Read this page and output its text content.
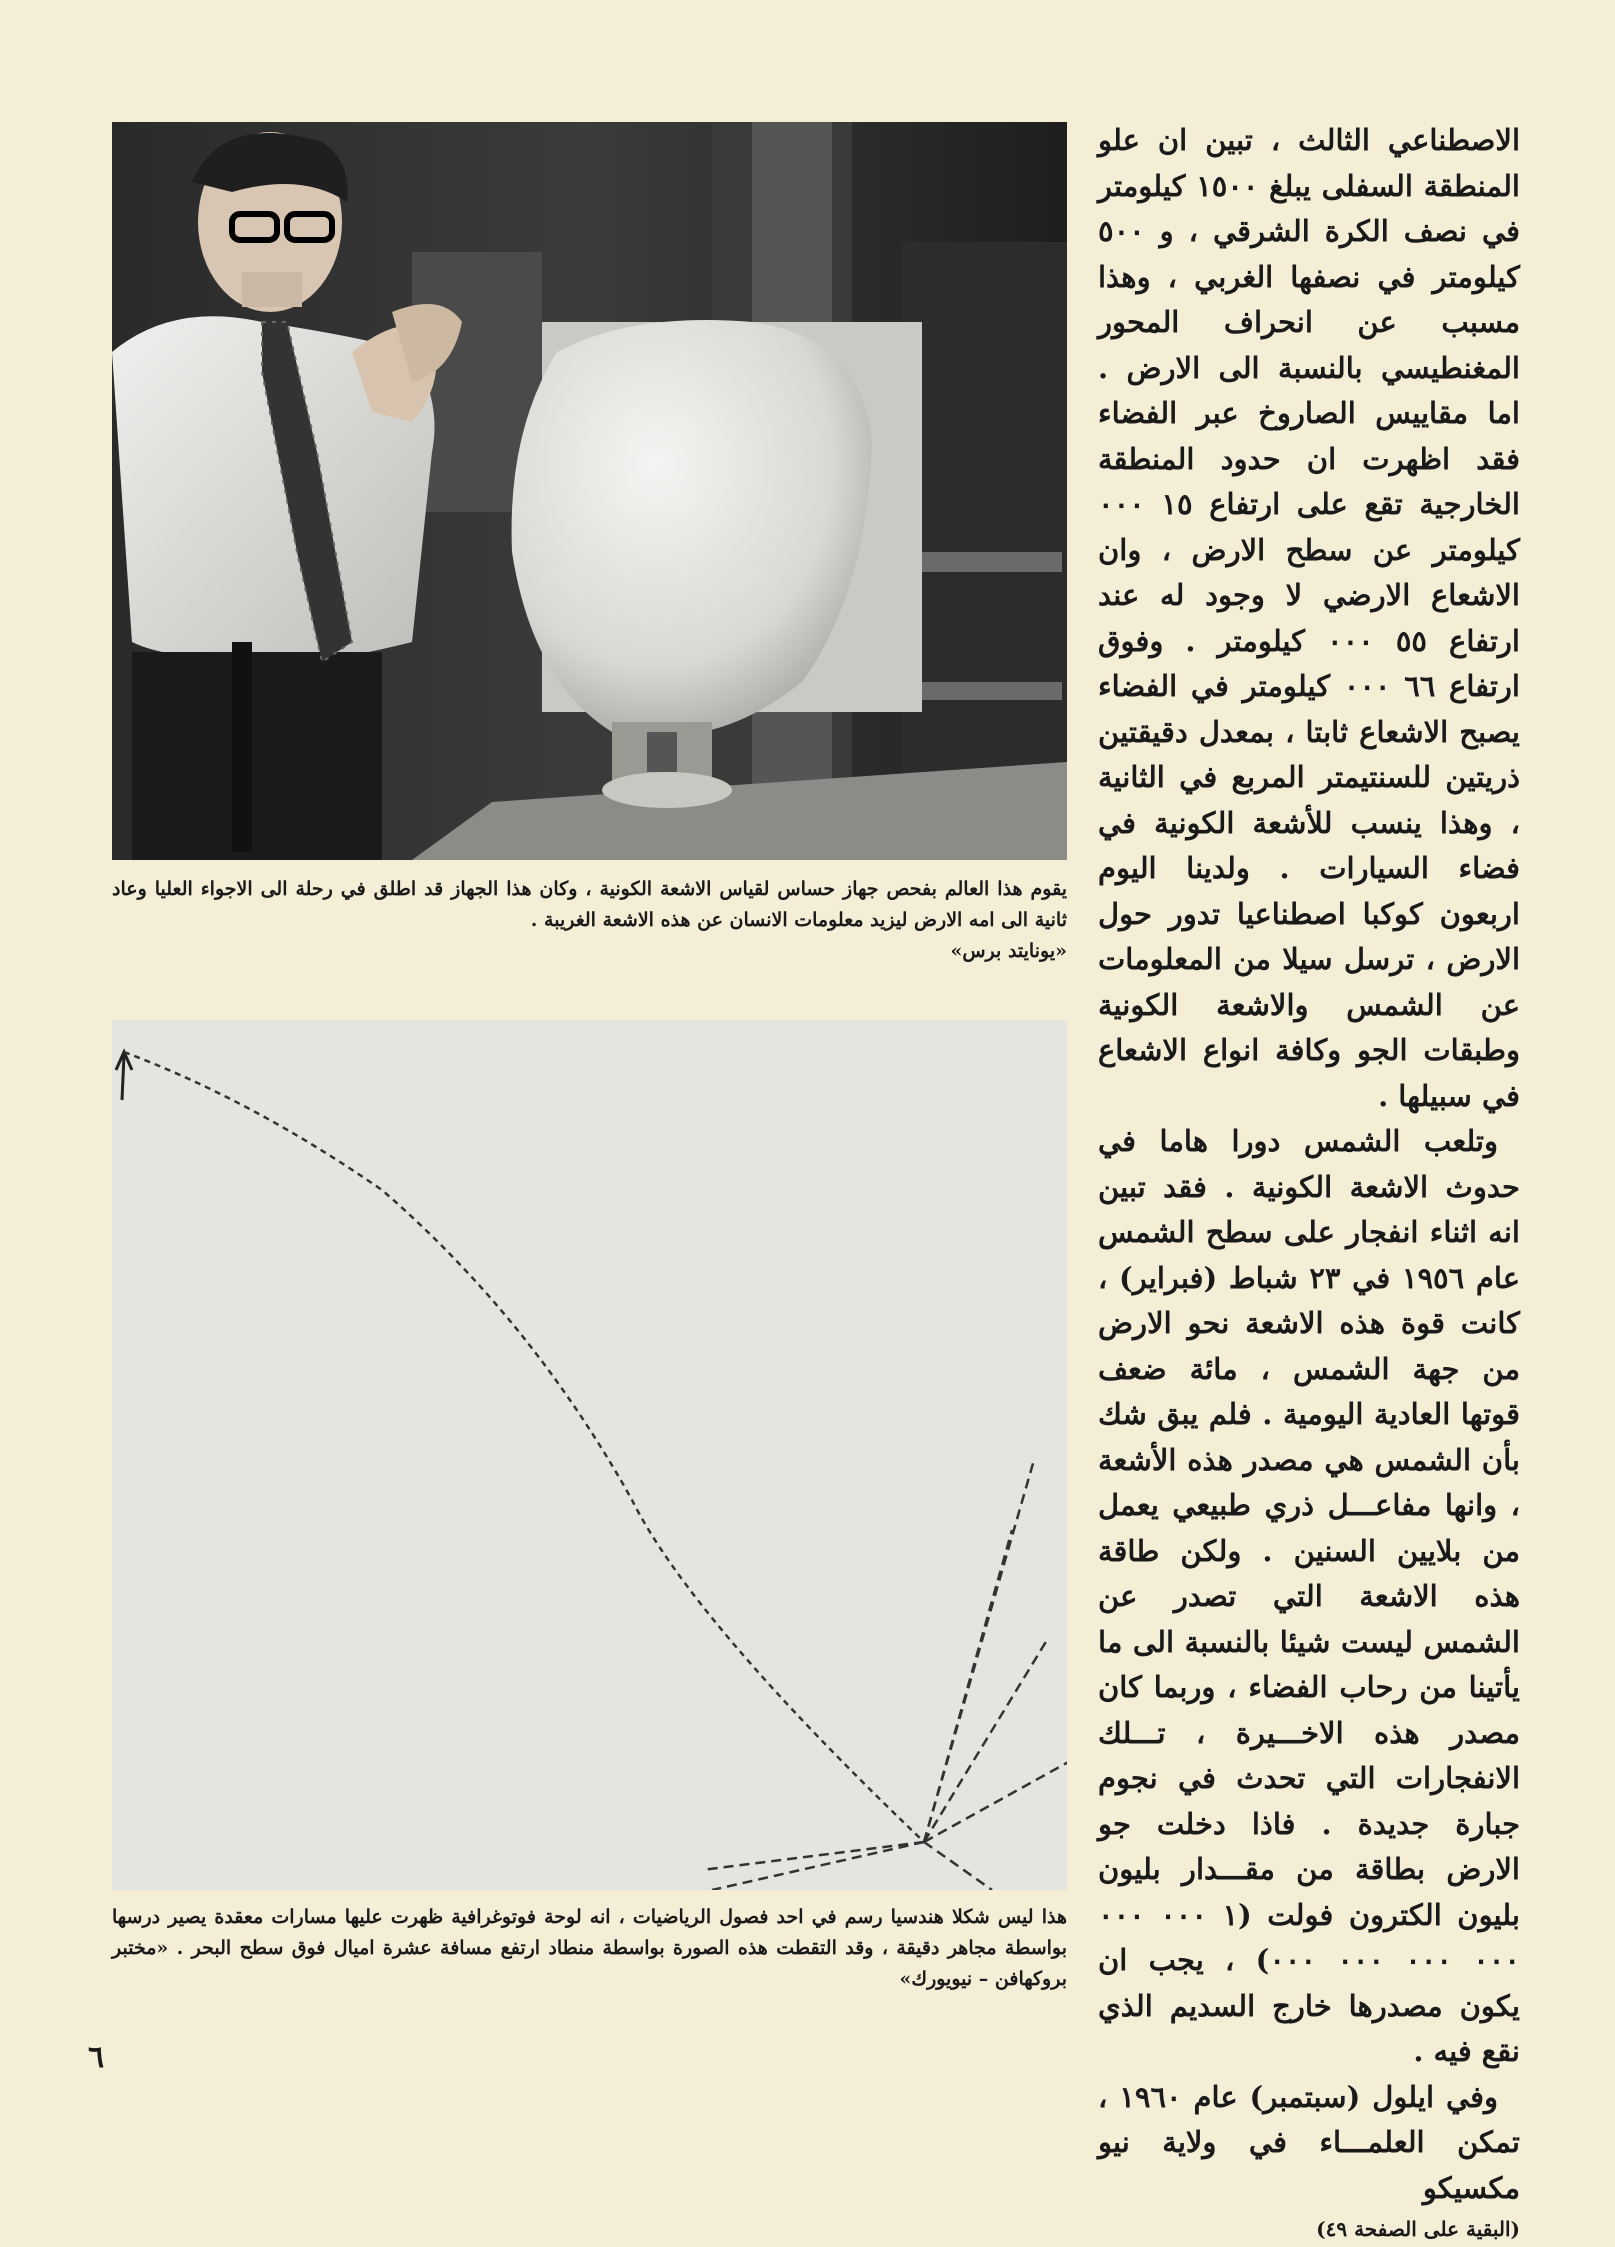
يقوم هذا العالم بفحص جهاز حساس لقياس الاشعة الكونية ، وكان هذا الجهاز قد اطلق في رحلة الى الاجواء العليا وعاد ثانية الى امه الارض ليزيد معلومات الانسان عن هذه الاشعة الغريبة .
«يونايتد برس»
هذا ليس شكلا هندسيا رسم في احد فصول الرياضيات ، انه لوحة فوتوغرافية ظهرت عليها مسارات معقدة يصير درسها بواسطة مجاهر دقيقة ، وقد التقطت هذه الصورة بواسطة منطاد ارتفع مسافة عشرة اميال فوق سطح البحر . «مختبر بروكهافن – نيويورك»

الاصطناعي الثالث ، تبين ان علو المنطقة السفلى يبلغ ١٥٠٠ كيلومتر في نصف الكرة الشرقي ، و ٥٠٠ كيلومتر في نصفها الغربي ، وهذا مسبب عن انحراف المحور المغنطيسي بالنسبة الى الارض . اما مقاييس الصاروخ عبر الفضاء فقد اظهرت ان حدود المنطقة الخارجية تقع على ارتفاع ١٥ ٠٠٠ كيلومتر عن سطح الارض ، وان الاشعاع الارضي لا وجود له عند ارتفاع ٥٥ ٠٠٠ كيلومتر . وفوق ارتفاع ٦٦ ٠٠٠ كيلومتر في الفضاء يصبح الاشعاع ثابتا ، بمعدل دقيقتين ذريتين للسنتيمتر المربع في الثانية ، وهذا ينسب للأشعة الكونية في فضاء السيارات . ولدينا اليوم اربعون كوكبا اصطناعيا تدور حول الارض ، ترسل سيلا من المعلومات عن الشمس والاشعة الكونية وطبقات الجو وكافة انواع الاشعاع في سبيلها .

وتلعب الشمس دورا هاما في حدوث الاشعة الكونية . فقد تبين انه اثناء انفجار على سطح الشمس عام ١٩٥٦ في ٢٣ شباط (فبراير) ، كانت قوة هذه الاشعة نحو الارض من جهة الشمس ، مائة ضعف قوتها العادية اليومية . فلم يبق شك بأن الشمس هي مصدر هذه الأشعة ، وانها مفاعـــل ذري طبيعي يعمل من بلايين السنين . ولكن طاقة هذه الاشعة التي تصدر عن الشمس ليست شيئا بالنسبة الى ما يأتينا من رحاب الفضاء ، وربما كان مصدر هذه الاخـــيرة ، تـــلك الانفجارات التي تحدث في نجوم جبارة جديدة . فاذا دخلت جو الارض بطاقة من مقـــدار بليون بليون الكترون فولت (١ ٠٠٠ ٠٠٠ ٠٠٠ ٠٠٠ ٠٠٠ ٠٠٠) ، يجب ان يكون مصدرها خارج السديم الذي نقع فيه .

وفي ايلول (سبتمبر) عام ١٩٦٠ ، تمكن العلمـــاء في ولاية نيو مكسيكو

(البقية على الصفحة ٤٩)

٦
